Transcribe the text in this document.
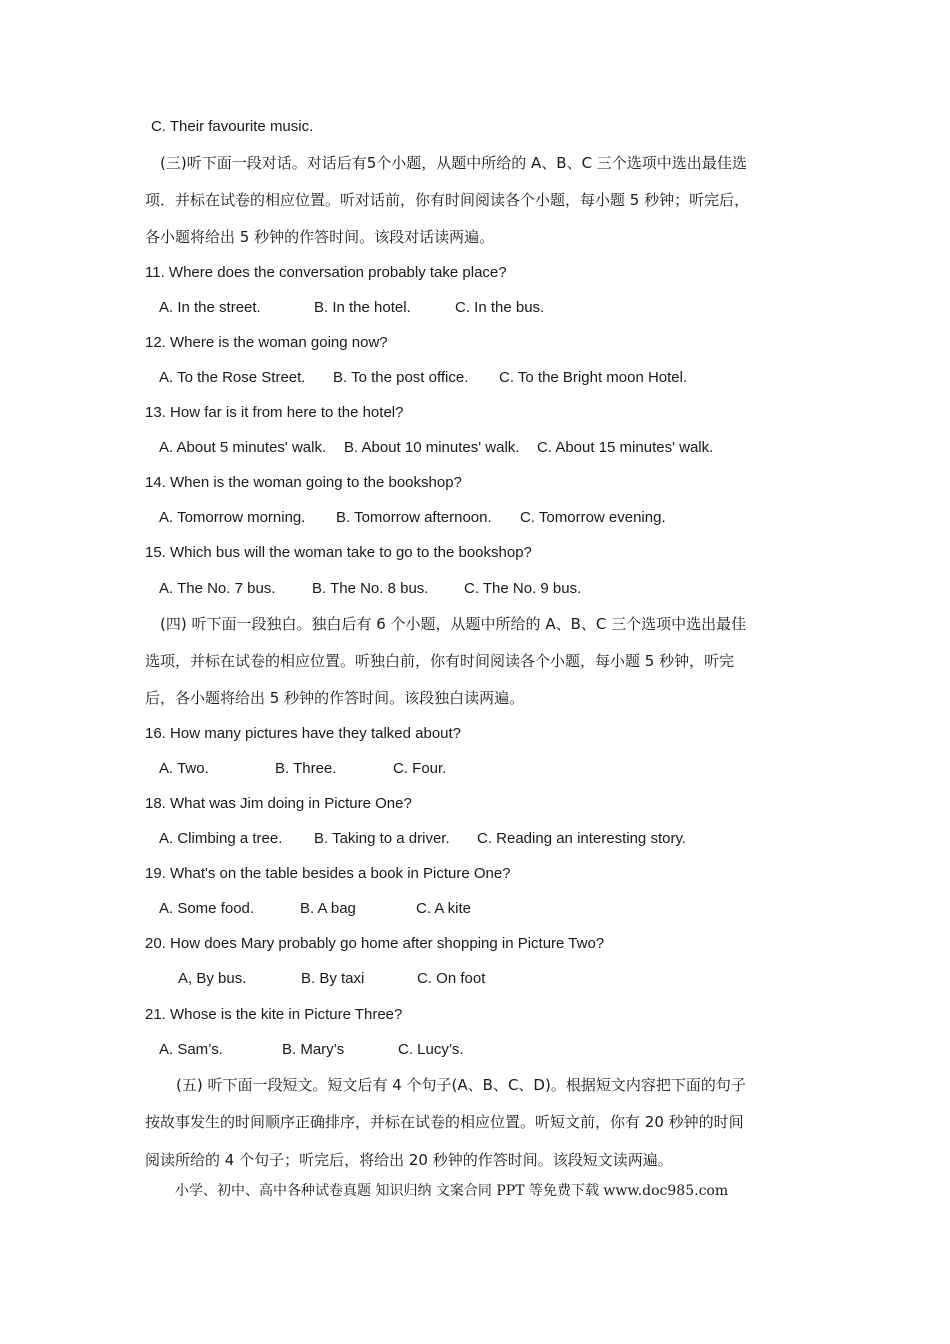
C. Their favourite music.
(三)听下面一段对话。对话后有5个小题，从题中所给的 A、B、C 三个选项中选出最佳选
项．并标在试卷的相应位置。听对话前，你有时间阅读各个小题，每小题 5 秒钟；听完后，
各小题将给出 5 秒钟的作答时间。该段对话读两遍。
11. Where does the conversation probably take place?
A. In the street.	B. In the hotel.	C. In the bus.
12. Where is the woman going now?
A. To the Rose Street. B. To the post office. C. To the Bright moon Hotel.
13. How far is it from here to the hotel?
A. About 5 minutes' walk. B. About 10 minutes' walk. C. About 15 minutes' walk.
14. When is the woman going to the bookshop?
A. Tomorrow morning. B. Tomorrow afternoon. C. Tomorrow evening.
15. Which bus will the woman take to go to the bookshop?
A. The No. 7 bus. B. The No. 8 bus. C. The No. 9 bus.
(四) 听下面一段独白。独白后有 6 个小题，从题中所给的 A、B、C 三个选项中选出最佳
选项，并标在试卷的相应位置。听独白前，你有时间阅读各个小题，每小题 5 秒钟，听完
后，各小题将给出 5 秒钟的作答时间。该段独白读两遍。
16. How many pictures have they talked about?
A. Two.	B. Three.	C. Four.
18. What was Jim doing in Picture One?
A. Climbing a tree. B. Taking to a driver. C. Reading an interesting story.
19. What's on the table besides a book in Picture One?
A. Some food.	B. A bag	C. A kite
20. How does Mary probably go home after shopping in Picture Two?
A, By bus.	B. By taxi	C. On foot
21. Whose is the kite in Picture Three?
A. Sam’s.	B. Mary’s	C. Lucy’s.
(五) 听下面一段短文。短文后有 4 个句子(A、B、C、D)。根据短文内容把下面的句子
按故事发生的时间顺序正确排序，并标在试卷的相应位置。听短文前，你有 20 秒钟的时间
阅读所给的 4 个句子；听完后，将给出 20 秒钟的作答时间。该段短文读两遍。
小学、初中、高中各种试卷真题 知识归纳 文案合同 PPT 等免费下载 www.doc985.com
